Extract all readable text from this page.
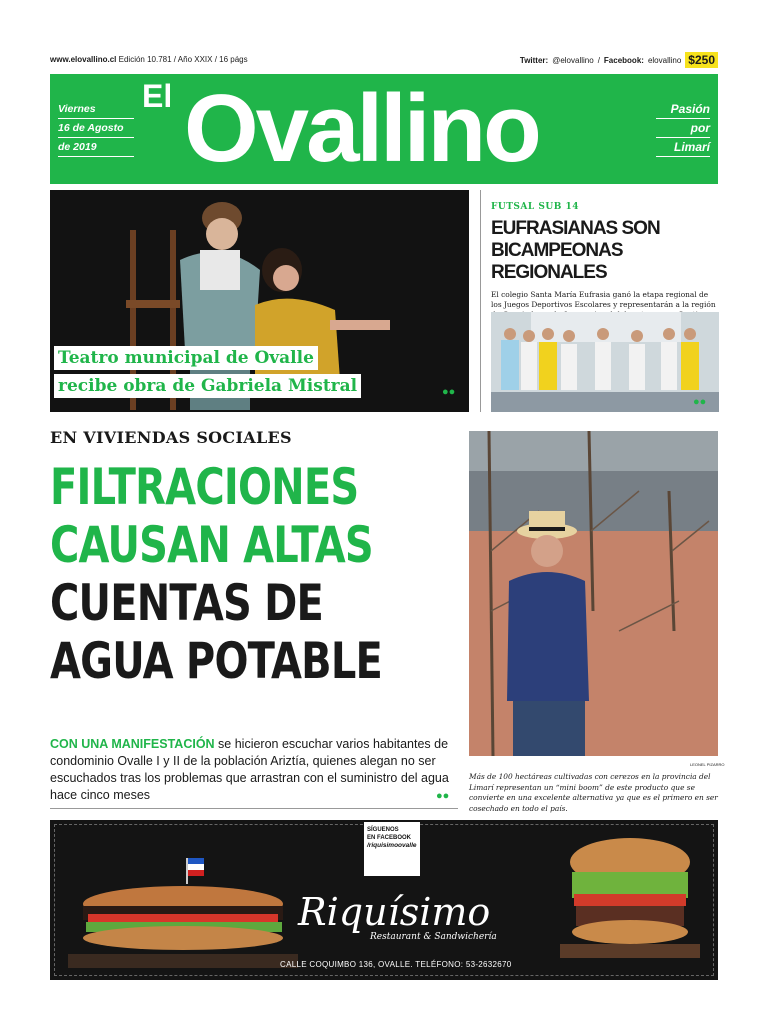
www.elovallino.cl Edición 10.781 / Año XXIX / 16 págs	Twitter: @elovallino / Facebook: elovallino $250
Viernes
16 de Agosto
de 2019
El Ovallino	Pasión
por
Limarí
Teatro municipal de Ovalle
recibe obra de Gabriela Mistral	●●
FUTSAL SUB 14
EUFRASIANAS SON
BICAMPEONAS REGIONALES
El colegio Santa María Eufrasia ganó la etapa regional de los Juegos Deportivos Escolares y representarán a la región
●●
EN VIVIENDAS SOCIALES
FILTRACIONES
CAUSAN ALTAS
CUENTAS DE
AGUA POTABLE
CON UNA MANIFESTACIÓN se hicieron escuchar varios habitantes de condominio Ovalle I y II de la población Ariztía, quienes alegan no ser escuchados tras los problemas que arrastran con el suministro del agua hace cinco meses	●●
LEONEL PIZARRO
Más de 100 hectáreas cultivadas con cerezos en la provincia del Limarí representan un “mini boom” de este producto que se convierte en una excelente alternativa ya que es el primero en ser cosechado en todo el país.
SÍGUENOS
EN FACEBOOK
/riquisimoovalle
Riquísimo
Restaurant & Sandwichería
CALLE COQUIMBO 136, OVALLE. TELÉFONO: 53-2632670
